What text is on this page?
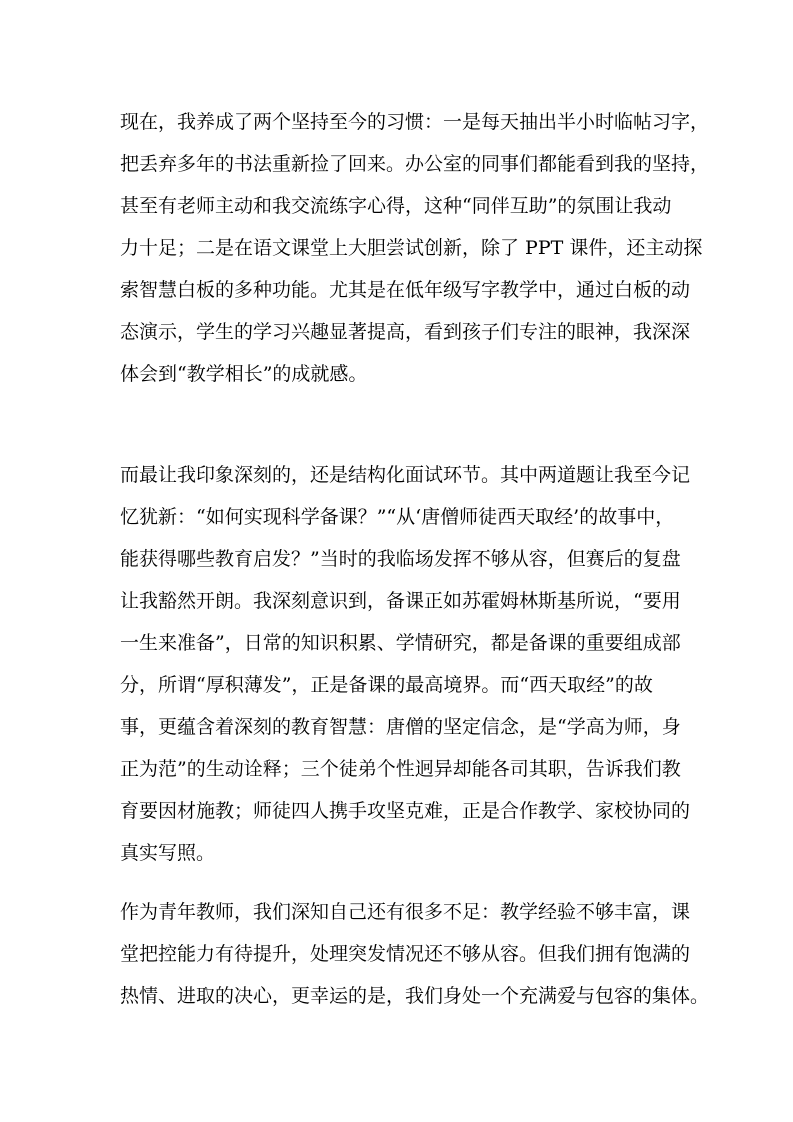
现在，我养成了两个坚持至今的习惯：一是每天抽出半小时临帖习字，
把丢弃多年的书法重新捡了回来。办公室的同事们都能看到我的坚持，
甚至有老师主动和我交流练字心得，这种“同伴互助”的氛围让我动
力十足；二是在语文课堂上大胆尝试创新，除了 PPT 课件，还主动探
索智慧白板的多种功能。尤其是在低年级写字教学中，通过白板的动
态演示，学生的学习兴趣显著提高，看到孩子们专注的眼神，我深深
体会到“教学相长”的成就感。
而最让我印象深刻的，还是结构化面试环节。其中两道题让我至今记
忆犹新：“如何实现科学备课？”“从‘唐僧师徒西天取经’的故事中，
能获得哪些教育启发？”当时的我临场发挥不够从容，但赛后的复盘
让我豁然开朗。我深刻意识到，备课正如苏霍姆林斯基所说，“要用
一生来准备”，日常的知识积累、学情研究，都是备课的重要组成部
分，所谓“厚积薄发”，正是备课的最高境界。而“西天取经”的故
事，更蕴含着深刻的教育智慧：唐僧的坚定信念，是“学高为师，身
正为范”的生动诠释；三个徒弟个性迥异却能各司其职，告诉我们教
育要因材施教；师徒四人携手攻坚克难，正是合作教学、家校协同的
真实写照。
作为青年教师，我们深知自己还有很多不足：教学经验不够丰富，课
堂把控能力有待提升，处理突发情况还不够从容。但我们拥有饱满的
热情、进取的决心，更幸运的是，我们身处一个充满爱与包容的集体。
